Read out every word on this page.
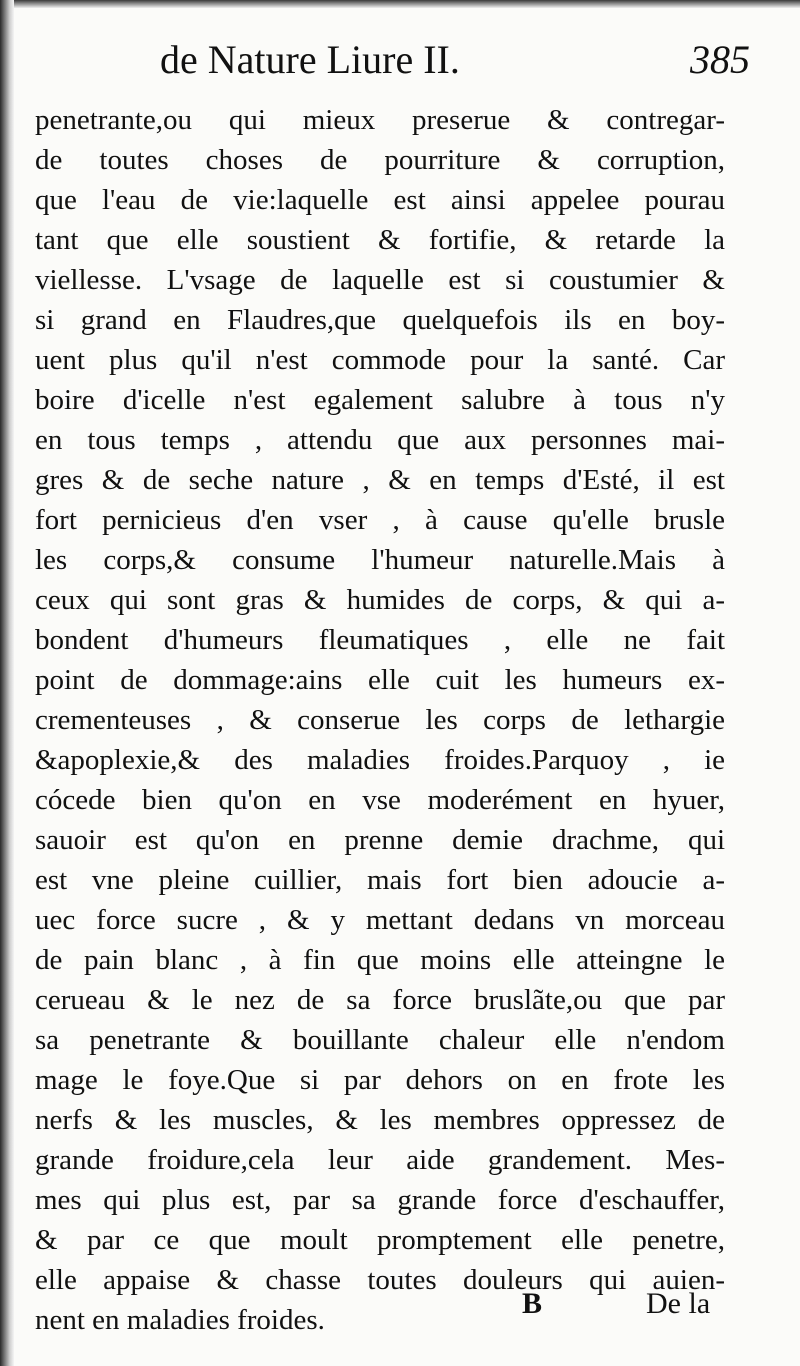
de Nature Liure II.	385
penetrante,ou qui mieux preserue & contregar-
de toutes choses de pourriture & corruption,
que l'eau de vie:laquelle est ainsi appelee pourau
tant que elle soustient & fortifie, & retarde la
viellesse. L'vsage de laquelle est si coustumier &
si grand en Flaudres,que quelquefois ils en boy-
uent plus qu'il n'est commode pour la santé. Car
boire d'icelle n'est egalement salubre à tous n'y
en tous temps , attendu que aux personnes mai-
gres & de seche nature , & en temps d'Esté, il est
fort pernicieus d'en vser , à cause qu'elle brusle
les corps,& consume l'humeur naturelle.Mais à
ceux qui sont gras & humides de corps, & qui a-
bondent d'humeurs fleumatiques , elle ne fait
point de dommage:ains elle cuit les humeurs ex-
crementeuses , & conserue les corps de lethargie
&apoplexie,& des maladies froides.Parquoy , ie
cócede bien qu'on en vse moderément en hyuer,
sauoir est qu'on en prenne demie drachme, qui
est vne pleine cuillier, mais fort bien adoucie a-
uec force sucre , & y mettant dedans vn morceau
de pain blanc , à fin que moins elle atteingne le
cerueau & le nez de sa force bruslãte,ou que par
sa penetrante & bouillante chaleur elle n'endom
mage le foye.Que si par dehors on en frote les
nerfs & les muscles, & les membres oppressez de
grande froidure,cela leur aide grandement. Mes-
mes qui plus est, par sa grande force d'eschauffer,
& par ce que moult promptement elle penetre,
elle appaise & chasse toutes douleurs qui auien-
nent en maladies froides.	B	De la
